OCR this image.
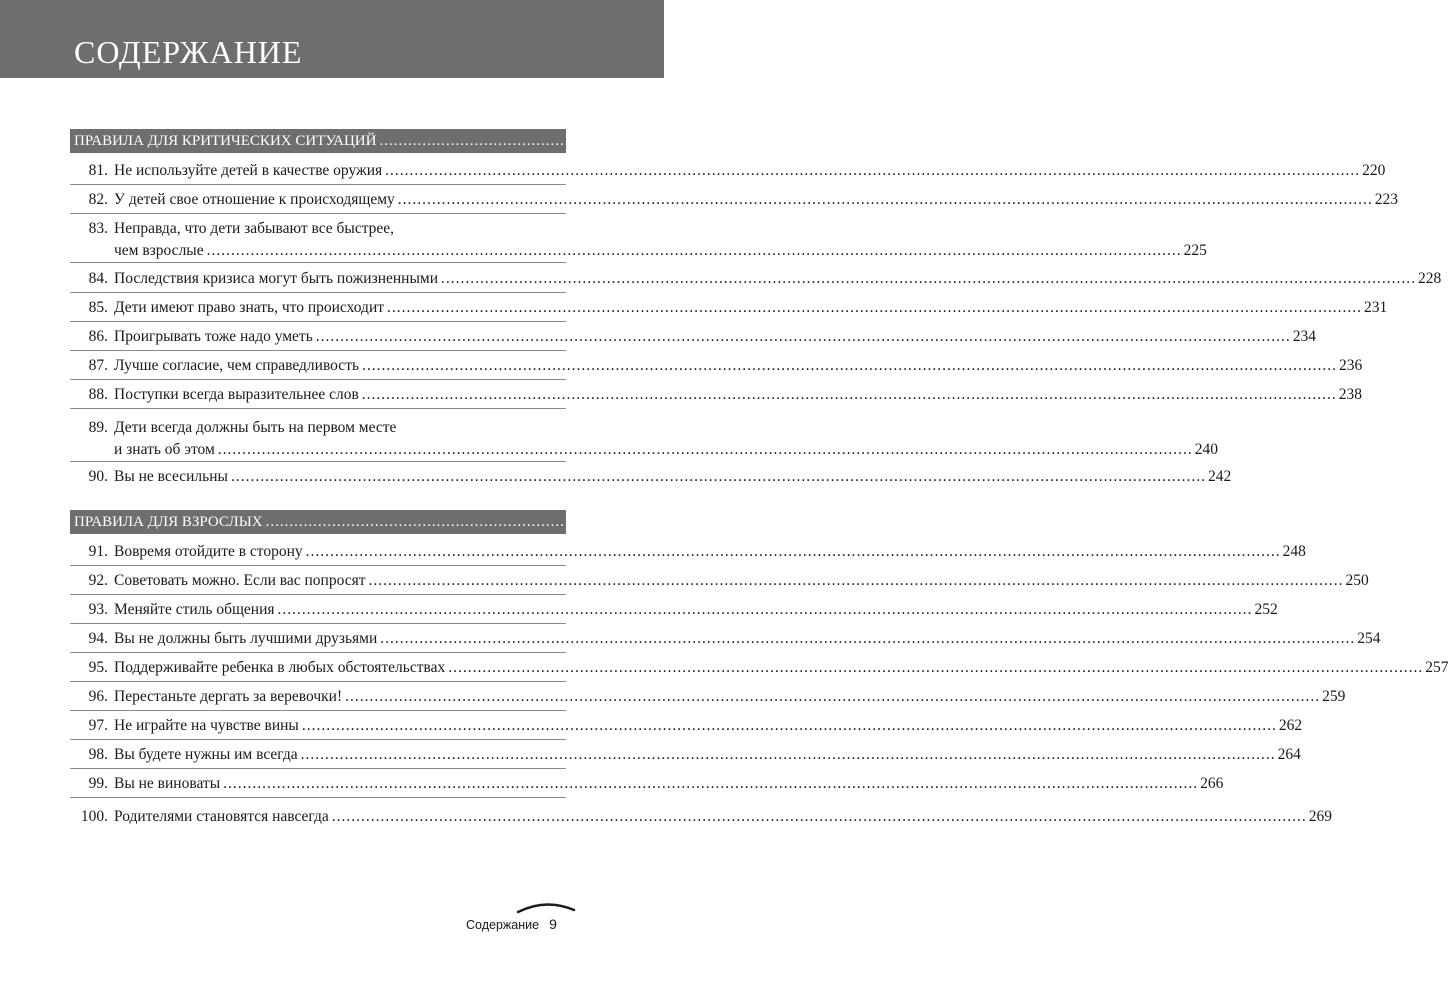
СОДЕРЖАНИЕ
ПРАВИЛА ДЛЯ КРИТИЧЕСКИХ СИТУАЦИЙ ........................................................................................................................................................................................................ 217
ПРАВИЛА ДЛЯ ВЗРОСЛЫХ ........................................................................................................................................................................................................ 245
81. Не используйте детей в качестве оружия ........................................................................................................................................................................................................ 220
82. У детей свое отношение к происходящему ........................................................................................................................................................................................................ 223
83. Неправда, что дети забывают все быстрее,
чем взрослые ........................................................................................................................................................................................................ 225
84. Последствия кризиса могут быть пожизненными ........................................................................................................................................................................................................ 228
85. Дети имеют право знать, что происходит ........................................................................................................................................................................................................ 231
86. Проигрывать тоже надо уметь ........................................................................................................................................................................................................ 234
87. Лучше согласие, чем справедливость ........................................................................................................................................................................................................ 236
88. Поступки всегда выразительнее слов ........................................................................................................................................................................................................ 238
89. Дети всегда должны быть на первом месте
и знать об этом ........................................................................................................................................................................................................ 240
90. Вы не всесильны ........................................................................................................................................................................................................ 242
91. Вовремя отойдите в сторону ........................................................................................................................................................................................................ 248
92. Советовать можно. Если вас попросят ........................................................................................................................................................................................................ 250
93. Меняйте стиль общения ........................................................................................................................................................................................................ 252
94. Вы не должны быть лучшими друзьями ........................................................................................................................................................................................................ 254
95. Поддерживайте ребенка в любых обстоятельствах ........................................................................................................................................................................................................ 257
96. Перестаньте дергать за веревочки! ........................................................................................................................................................................................................ 259
97. Не играйте на чувстве вины ........................................................................................................................................................................................................ 262
98. Вы будете нужны им всегда ........................................................................................................................................................................................................ 264
99. Вы не виноваты ........................................................................................................................................................................................................ 266
100. Родителями становятся навсегда ........................................................................................................................................................................................................ 269
Содержание 9
